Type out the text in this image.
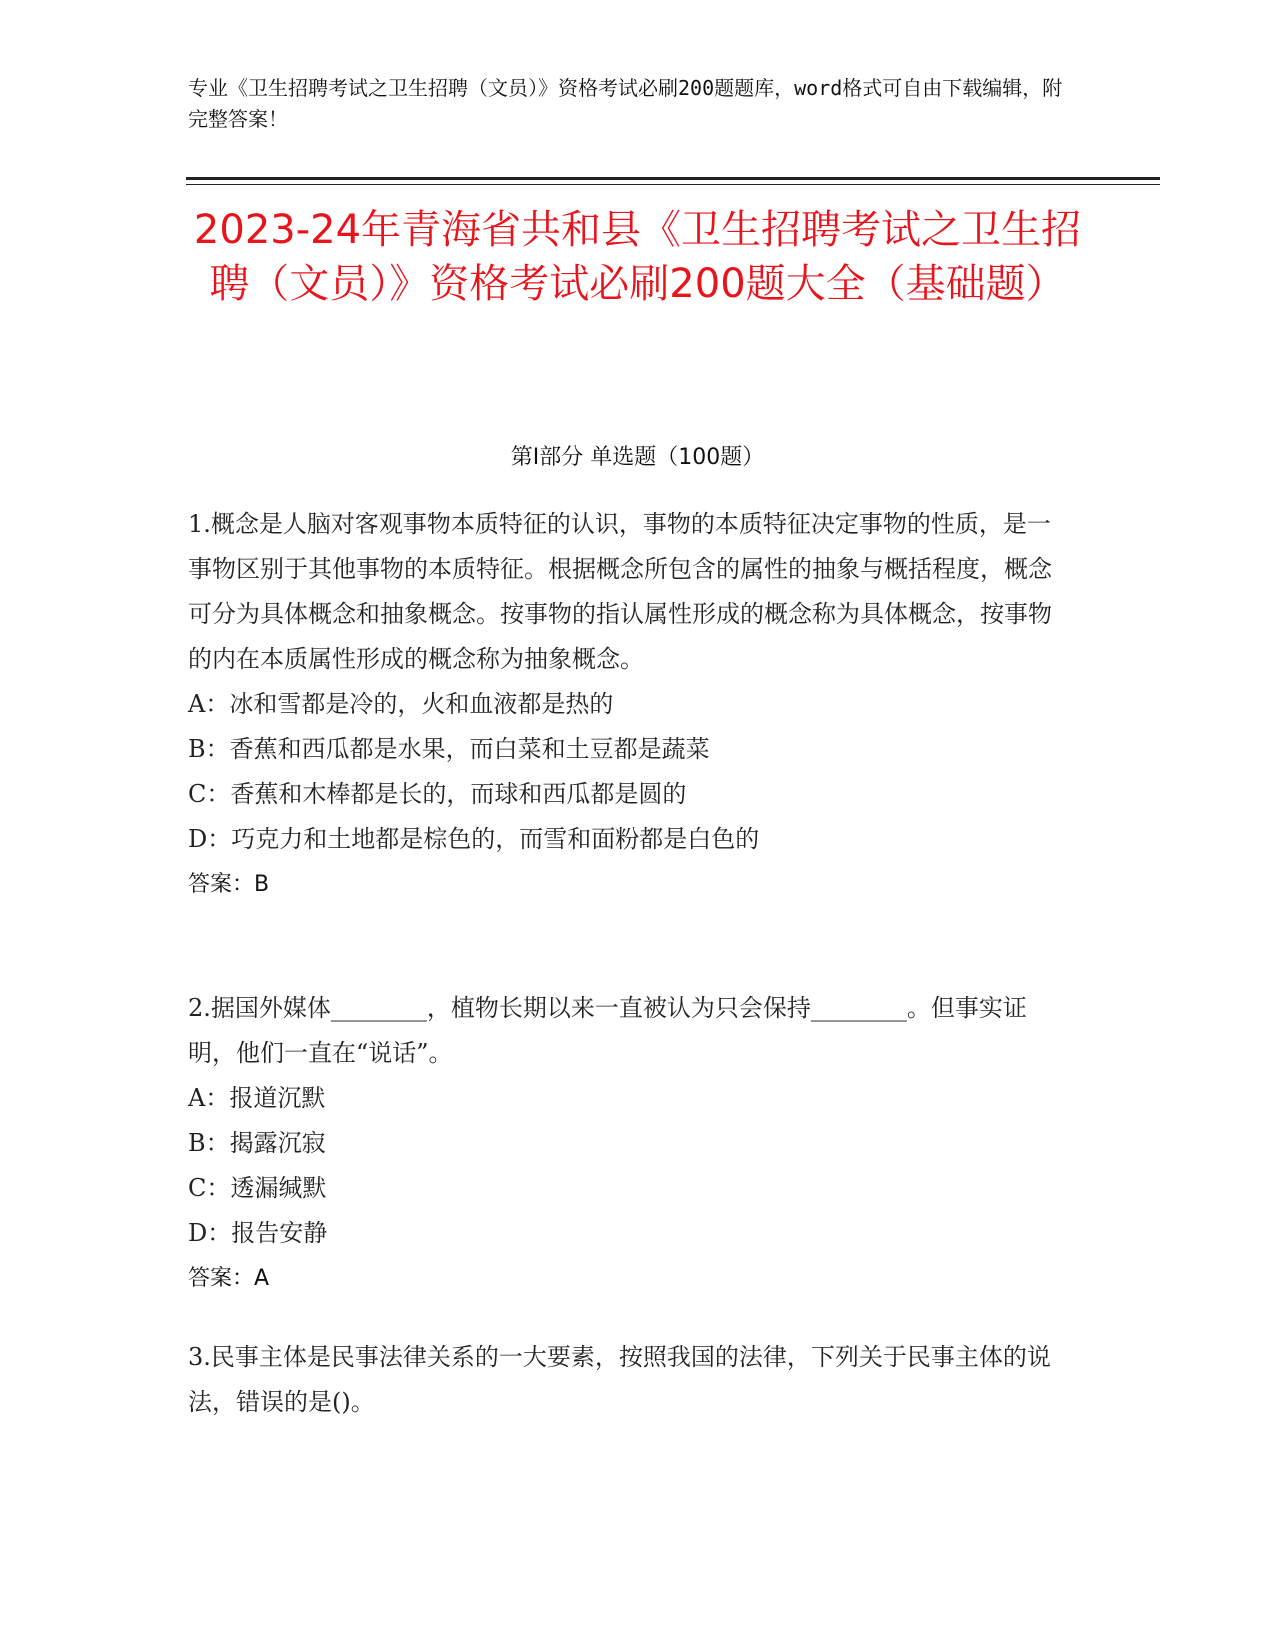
专业《卫生招聘考试之卫生招聘（文员）》资格考试必刷200题题库，word格式可自由下载编辑，附完整答案！
2023-24年青海省共和县《卫生招聘考试之卫生招聘（文员）》资格考试必刷200题大全（基础题）
第Ⅰ部分 单选题（100题）
1.概念是人脑对客观事物本质特征的认识，事物的本质特征决定事物的性质，是一事物区别于其他事物的本质特征。根据概念所包含的属性的抽象与概括程度，概念可分为具体概念和抽象概念。按事物的指认属性形成的概念称为具体概念，按事物的内在本质属性形成的概念称为抽象概念。
A：冰和雪都是冷的，火和血液都是热的
B：香蕉和西瓜都是水果，而白菜和土豆都是蔬菜
C：香蕉和木棒都是长的，而球和西瓜都是圆的
D：巧克力和土地都是棕色的，而雪和面粉都是白色的
答案：B
2.据国外媒体________，植物长期以来一直被认为只会保持________。但事实证明，他们一直在“说话”。
A：报道沉默
B：揭露沉寂
C：透漏缄默
D：报告安静
答案：A
3.民事主体是民事法律关系的一大要素，按照我国的法律，下列关于民事主体的说法，错误的是()。
